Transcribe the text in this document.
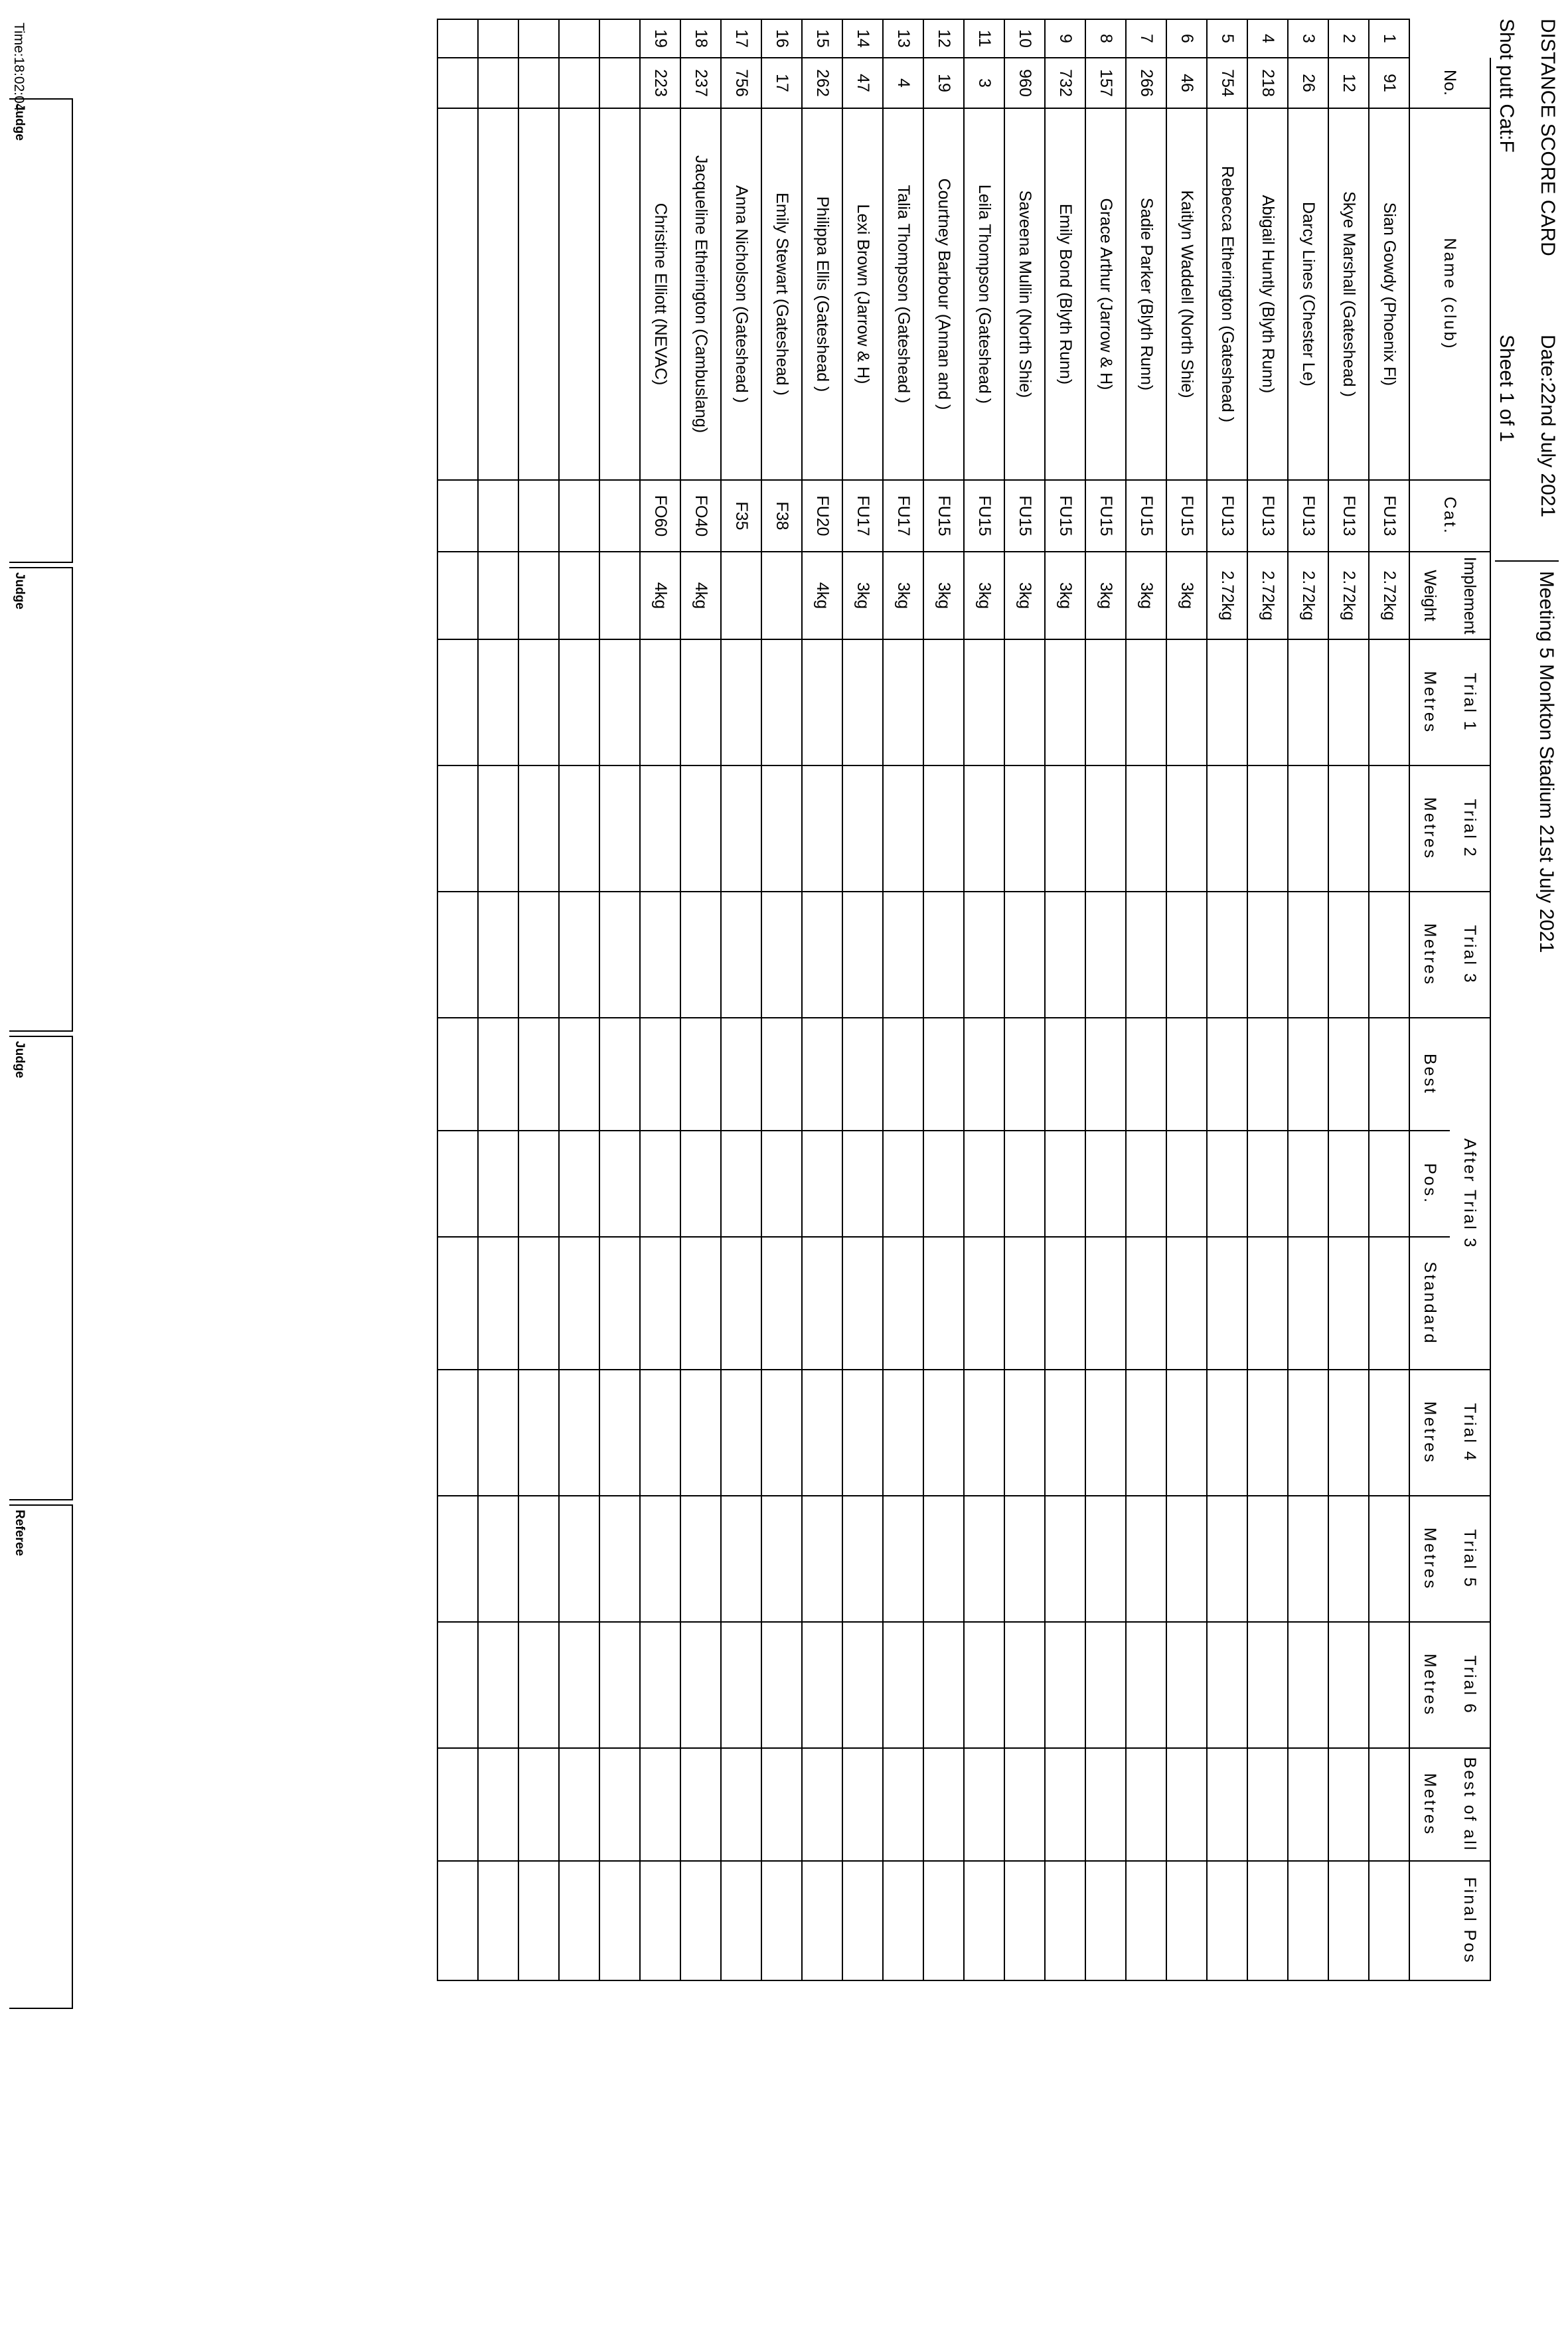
DISTANCE SCORE CARD
Shot putt Cat:F
Date:22nd July 2021
Sheet 1 of 1
Meeting 5 Monkton Stadium 21st July 2021
	No.	Name (club)	Cat.	Implement	Trial 1	Trial 2	Trial 3	After Trial 3			Trial 4	Trial 5	Trial 6	Best of all	Final Pos
				Weight	Metres	Metres	Metres	Best	Pos.	Standard	Metres	Metres	Metres	Metres	
1	91	Sian Gowdy (Phoenix Fl)	FU13	2.72kg											
2	12	Skye Marshall (Gateshead )	FU13	2.72kg											
3	26	Darcy Lines (Chester Le)	FU13	2.72kg											
4	218	Abigail Huntly (Blyth Runn)	FU13	2.72kg											
5	754	Rebecca Etherington (Gateshead )	FU13	2.72kg											
6	46	Kaitlyn Waddell (North Shie)	FU15	3kg											
7	266	Sadie Parker (Blyth Runn)	FU15	3kg											
8	157	Grace Arthur (Jarrow & H)	FU15	3kg											
9	732	Emily Bond (Blyth Runn)	FU15	3kg											
10	960	Saveena Mullin (North Shie)	FU15	3kg											
11	3	Leila Thompson (Gateshead )	FU15	3kg											
12	19	Courtney Barbour (Annan and )	FU15	3kg											
13	4	Talia Thompson (Gateshead )	FU17	3kg											
14	47	Lexi Brown (Jarrow & H)	FU17	3kg											
15	262	Philippa Ellis (Gateshead )	FU20	4kg											
16	17	Emily Stewart (Gateshead )	F38												
17	756	Anna Nicholson (Gateshead )	F35												
18	237	Jacqueline Etherington (Cambuslang)	FO40	4kg											
19	223	Christine Elliott (NEVAC)	FO60	4kg											

Time:18:02:04
Judge
Judge
Judge
Referee
